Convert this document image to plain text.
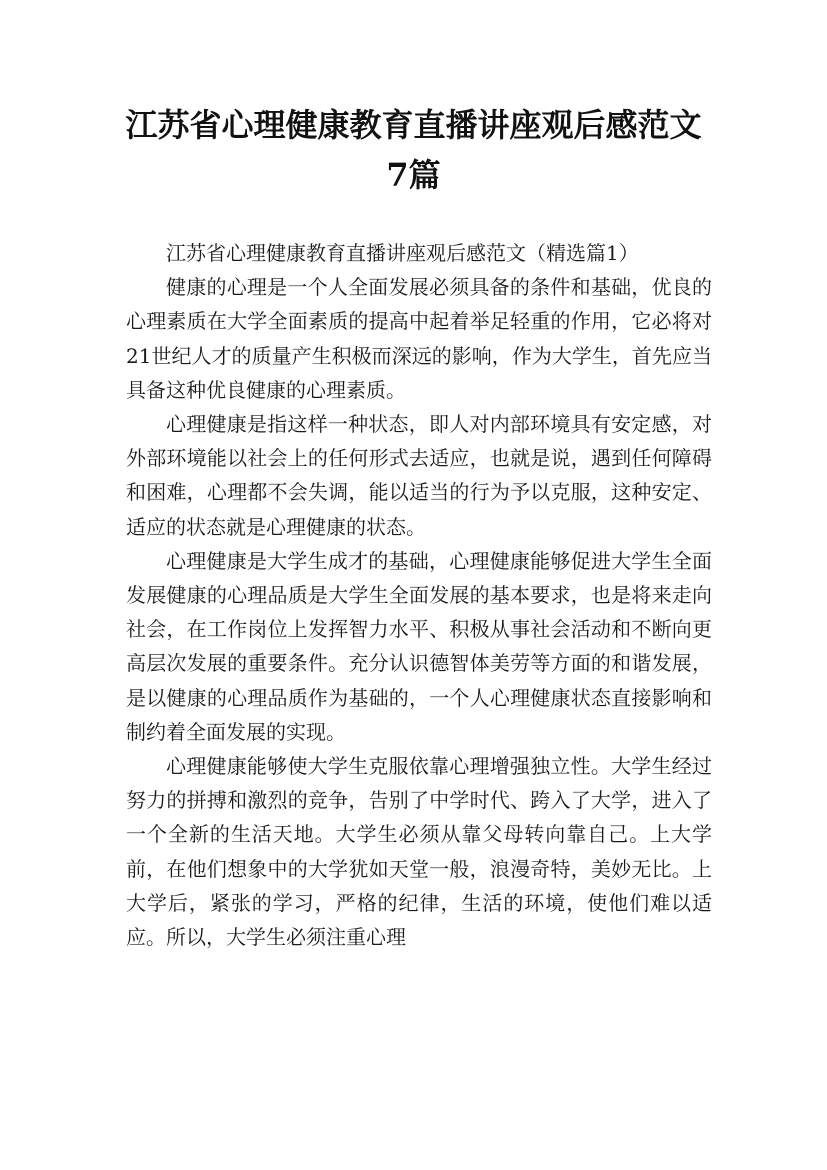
江苏省心理健康教育直播讲座观后感范文
7篇

江苏省心理健康教育直播讲座观后感范文（精选篇1）

健康的心理是一个人全面发展必须具备的条件和基础，优良的心理素质在大学全面素质的提高中起着举足轻重的作用，它必将对21世纪人才的质量产生积极而深远的影响，作为大学生，首先应当具备这种优良健康的心理素质。

心理健康是指这样一种状态，即人对内部环境具有安定感，对外部环境能以社会上的任何形式去适应，也就是说，遇到任何障碍和困难，心理都不会失调，能以适当的行为予以克服，这种安定、适应的状态就是心理健康的状态。

心理健康是大学生成才的基础，心理健康能够促进大学生全面发展健康的心理品质是大学生全面发展的基本要求，也是将来走向社会，在工作岗位上发挥智力水平、积极从事社会活动和不断向更高层次发展的重要条件。充分认识德智体美劳等方面的和谐发展，是以健康的心理品质作为基础的，一个人心理健康状态直接影响和制约着全面发展的实现。

心理健康能够使大学生克服依靠心理增强独立性。大学生经过努力的拼搏和激烈的竞争，告别了中学时代、跨入了大学，进入了一个全新的生活天地。大学生必须从靠父母转向靠自己。上大学前，在他们想象中的大学犹如天堂一般，浪漫奇特，美妙无比。上大学后，紧张的学习，严格的纪律，生活的环境，使他们难以适应。所以，大学生必须注重心理
